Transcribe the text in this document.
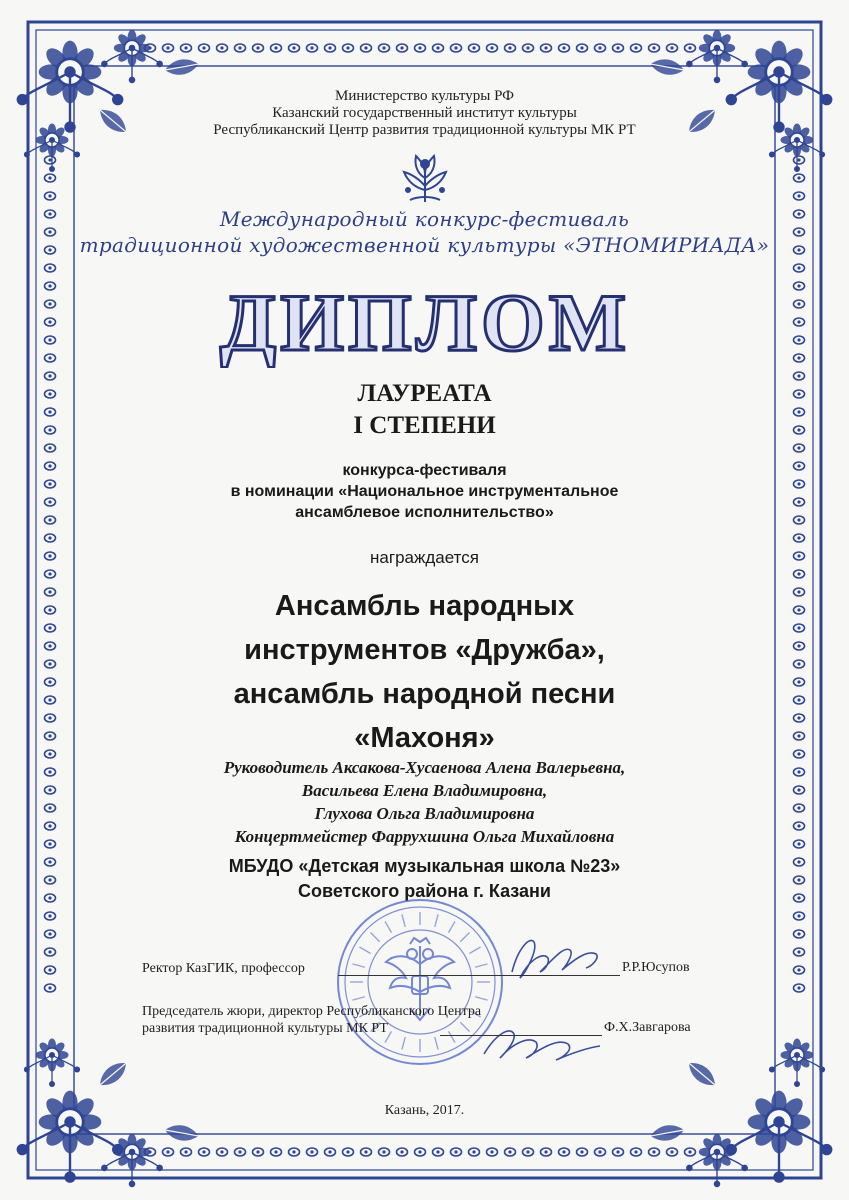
Министерство культуры РФ
Казанский государственный институт культуры
Республиканский Центр развития традиционной культуры МК РТ
Международный конкурс-фестиваль
традиционной художественной культуры «ЭТНОМИРИАДА»
ДИПЛОМ
ЛАУРЕАТА
I СТЕПЕНИ
конкурса-фестиваля
в номинации «Национальное инструментальное
ансамблевое исполнительство»
награждается
Ансамбль народных
инструментов «Дружба»,
ансамбль народной песни
«Махоня»
Руководитель Аксакова-Хусаенова Алена Валерьевна,
Васильева Елена Владимировна,
Глухова Ольга Владимировна
Концертмейстер Фаррухшина Ольга Михайловна
МБУДО «Детская музыкальная школа №23»
Советского района г. Казани
Ректор КазГИК, профессор	Р.Р.Юсупов
Председатель жюри, директор Республиканского Центра
развития традиционной культуры МК РТ	Ф.Х.Завгарова
Казань, 2017.
